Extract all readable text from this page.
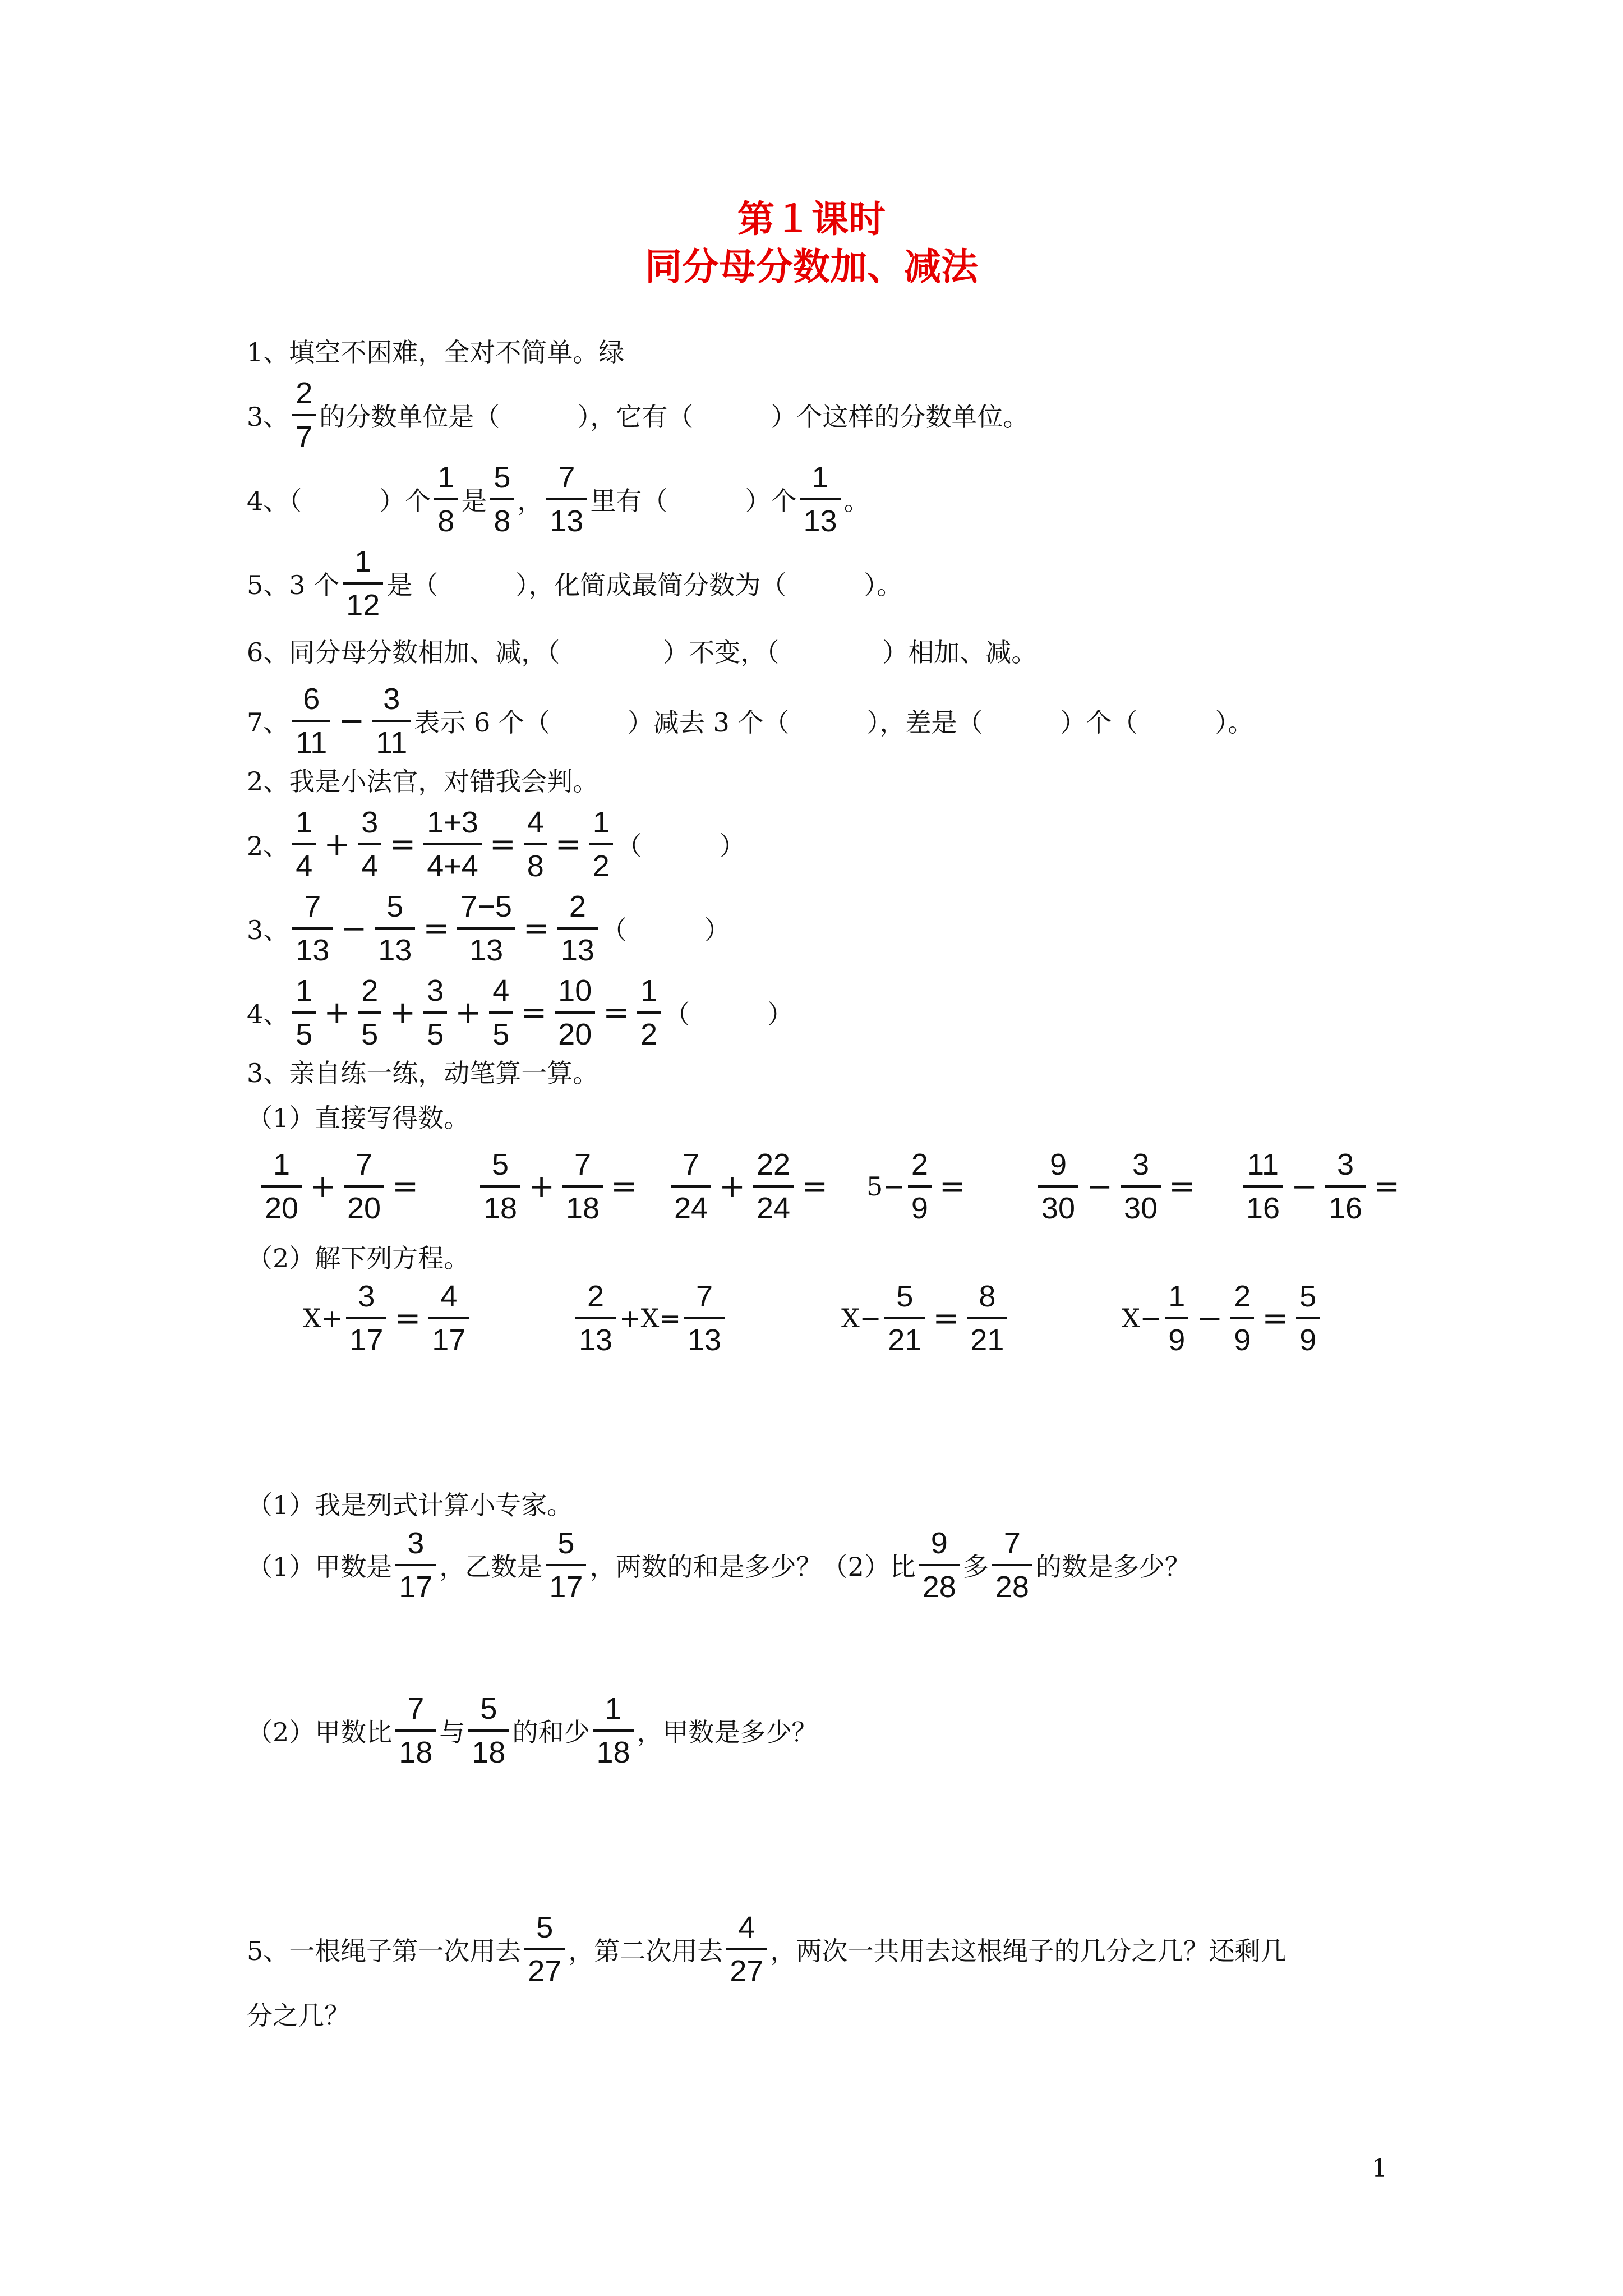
第１课时
同分母分数加、减法
1、填空不困难，全对不简单。绿
3、 $\frac{2}{7}$ 的分数单位是（　　　），它有（　　　）个这样的分数单位。
4、（　　　）个 $\frac{1}{8}$ 是 $\frac{5}{8}$ ， $\frac{7}{13}$ 里有（　　　）个 $\frac{1}{13}$ 。
5、3 个 $\frac{1}{12}$ 是（　　　），化简成最简分数为（　　　）。
6、同分母分数相加、减，（　　　　）不变，（　　　　）相加、减。
7、 $\frac{6}{11} - \frac{3}{11}$ 表示 6 个（　　　）减去 3 个（　　　），差是（　　　）个（　　　）。
2、我是小法官，对错我会判。
2、 $\frac{1}{4} + \frac{3}{4} = \frac{1+3}{4+4} = \frac{4}{8} = \frac{1}{2}$ （　　　）
3、 $\frac{7}{13} - \frac{5}{13} = \frac{7-5}{13} = \frac{2}{13}$ （　　　）
4、 $\frac{1}{5} + \frac{2}{5} + \frac{3}{5} + \frac{4}{5} = \frac{10}{20} = \frac{1}{2}$ （　　　）
3、亲自练一练，动笔算一算。
（1）直接写得数。
$\frac{1}{20} + \frac{7}{20} = \frac{5}{18} + \frac{7}{18} = \frac{7}{24} + \frac{22}{24} = 5- \frac{2}{9} = \frac{9}{30} - \frac{3}{30} = \frac{11}{16} - \frac{3}{16}$ =
（2）解下列方程。
$X+ \frac{3}{17} = \frac{4}{17}$	$\frac{2}{13} +X= \frac{7}{13}$	$X- \frac{5}{21} = \frac{8}{21}$	$X- \frac{1}{9} - \frac{2}{9} = \frac{5}{9}$
（1）我是列式计算小专家。
（1）甲数是 $\frac{3}{17}$ ，乙数是 $\frac{5}{17}$ ，两数的和是多少？（2）比 $\frac{9}{28}$ 多 $\frac{7}{28}$ 的数是多少？
（2）甲数比 $\frac{7}{18}$ 与 $\frac{5}{18}$ 的和少 $\frac{1}{18}$ ，甲数是多少？
5、一根绳子第一次用去 $\frac{5}{27}$ ，第二次用去 $\frac{4}{27}$ ，两次一共用去这根绳子的几分之几？还剩几
分之几？
1
